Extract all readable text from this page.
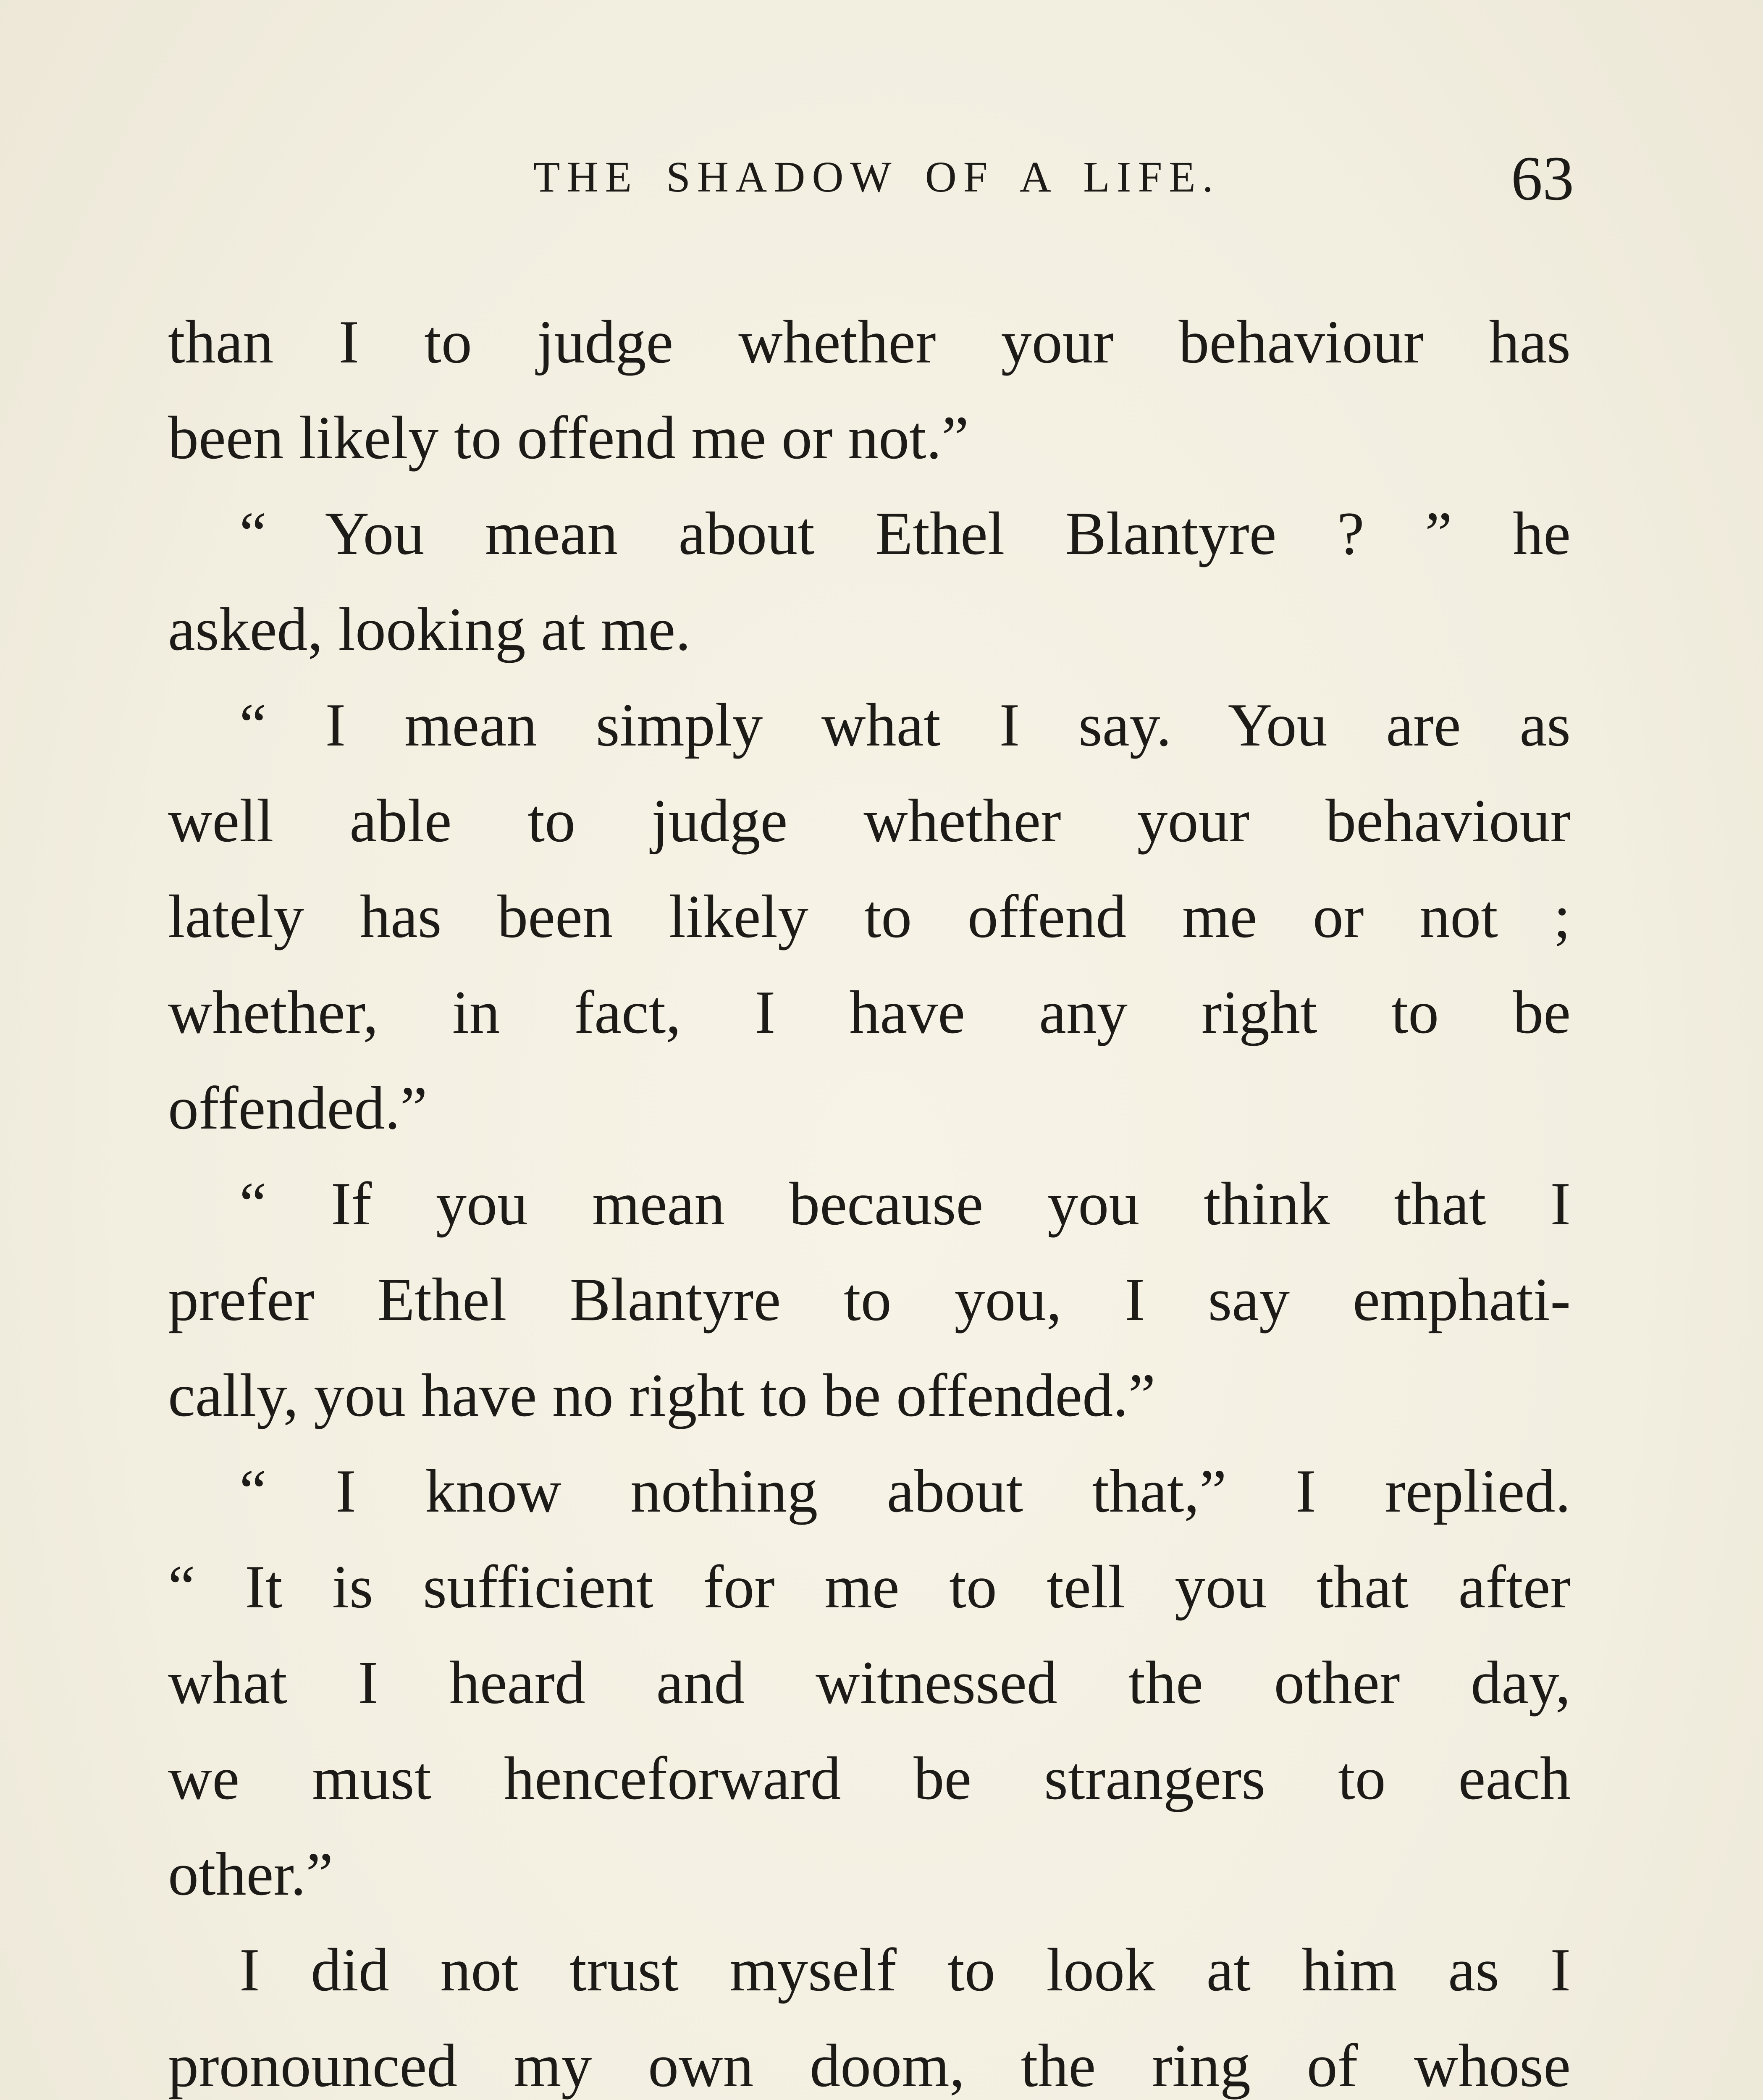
THE SHADOW OF A LIFE.	63
than I to judge whether your behaviour has
been likely to offend me or not.”
“ You mean about Ethel Blantyre ? ” he
asked, looking at me.
“ I mean simply what I say. You are as
well able to judge whether your behaviour
lately has been likely to offend me or not ;
whether, in fact, I have any right to be
offended.”
“ If you mean because you think that I
prefer Ethel Blantyre to you, I say emphati-
cally, you have no right to be offended.”
“ I know nothing about that,” I replied.
“ It is sufficient for me to tell you that after
what I heard and witnessed the other day,
we must henceforward be strangers to each
other.”
I did not trust myself to look at him as I
pronounced my own doom, the ring of whose
